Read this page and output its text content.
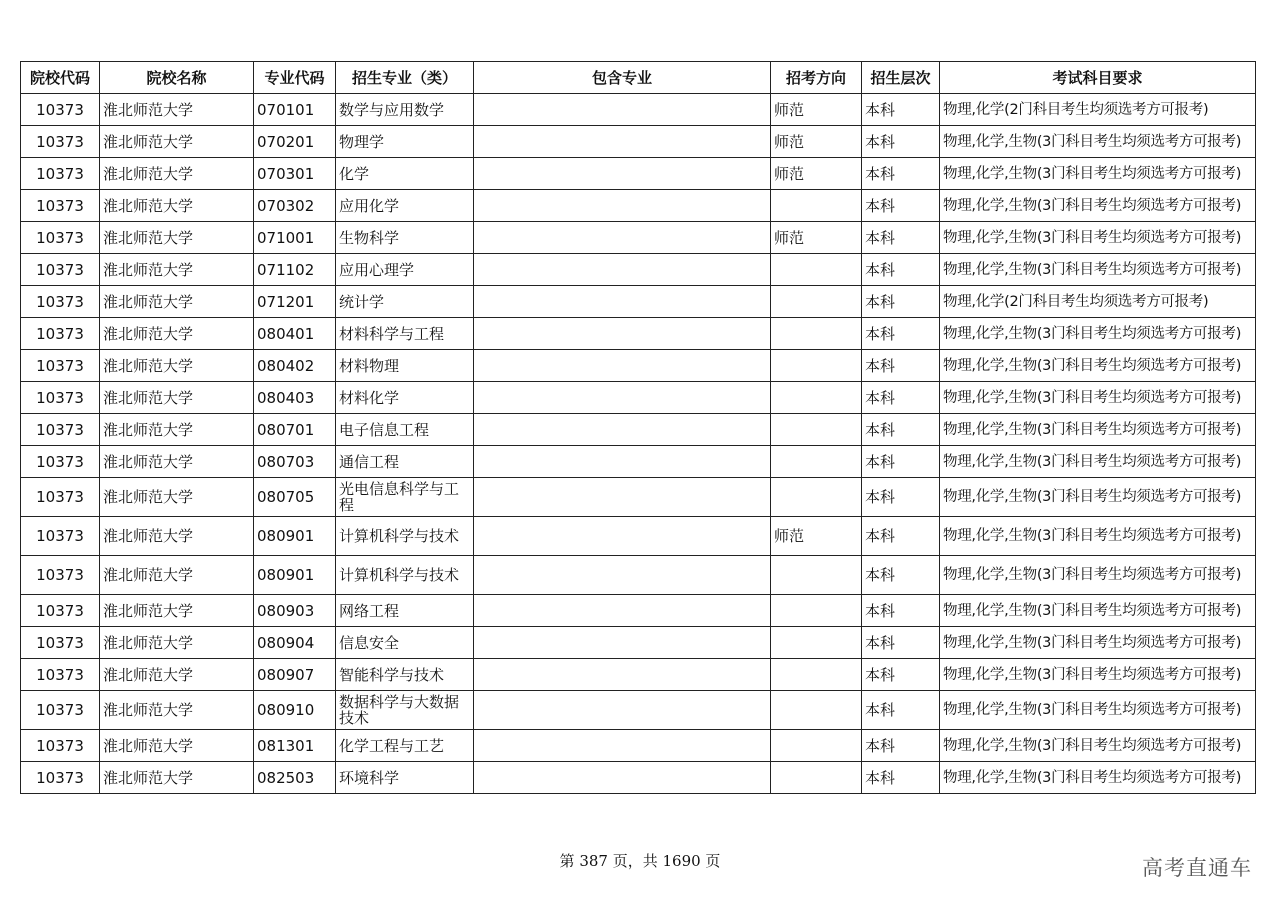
院校代码	院校名称	专业代码	招生专业（类）	包含专业	招考方向	招生层次	考试科目要求
10373	淮北师范大学	070101	数学与应用数学		师范	本科	物理,化学(2门科目考生均须选考方可报考)
10373	淮北师范大学	070201	物理学		师范	本科	物理,化学,生物(3门科目考生均须选考方可报考)
10373	淮北师范大学	070301	化学		师范	本科	物理,化学,生物(3门科目考生均须选考方可报考)
10373	淮北师范大学	070302	应用化学			本科	物理,化学,生物(3门科目考生均须选考方可报考)
10373	淮北师范大学	071001	生物科学		师范	本科	物理,化学,生物(3门科目考生均须选考方可报考)
10373	淮北师范大学	071102	应用心理学			本科	物理,化学,生物(3门科目考生均须选考方可报考)
10373	淮北师范大学	071201	统计学			本科	物理,化学(2门科目考生均须选考方可报考)
10373	淮北师范大学	080401	材料科学与工程			本科	物理,化学,生物(3门科目考生均须选考方可报考)
10373	淮北师范大学	080402	材料物理			本科	物理,化学,生物(3门科目考生均须选考方可报考)
10373	淮北师范大学	080403	材料化学			本科	物理,化学,生物(3门科目考生均须选考方可报考)
10373	淮北师范大学	080701	电子信息工程			本科	物理,化学,生物(3门科目考生均须选考方可报考)
10373	淮北师范大学	080703	通信工程			本科	物理,化学,生物(3门科目考生均须选考方可报考)
10373	淮北师范大学	080705	光电信息科学与工程			本科	物理,化学,生物(3门科目考生均须选考方可报考)
10373	淮北师范大学	080901	计算机科学与技术		师范	本科	物理,化学,生物(3门科目考生均须选考方可报考)
10373	淮北师范大学	080901	计算机科学与技术			本科	物理,化学,生物(3门科目考生均须选考方可报考)
10373	淮北师范大学	080903	网络工程			本科	物理,化学,生物(3门科目考生均须选考方可报考)
10373	淮北师范大学	080904	信息安全			本科	物理,化学,生物(3门科目考生均须选考方可报考)
10373	淮北师范大学	080907	智能科学与技术			本科	物理,化学,生物(3门科目考生均须选考方可报考)
10373	淮北师范大学	080910	数据科学与大数据技术			本科	物理,化学,生物(3门科目考生均须选考方可报考)
10373	淮北师范大学	081301	化学工程与工艺			本科	物理,化学,生物(3门科目考生均须选考方可报考)
10373	淮北师范大学	082503	环境科学			本科	物理,化学,生物(3门科目考生均须选考方可报考)
第 387 页，共 1690 页	高考直通车
